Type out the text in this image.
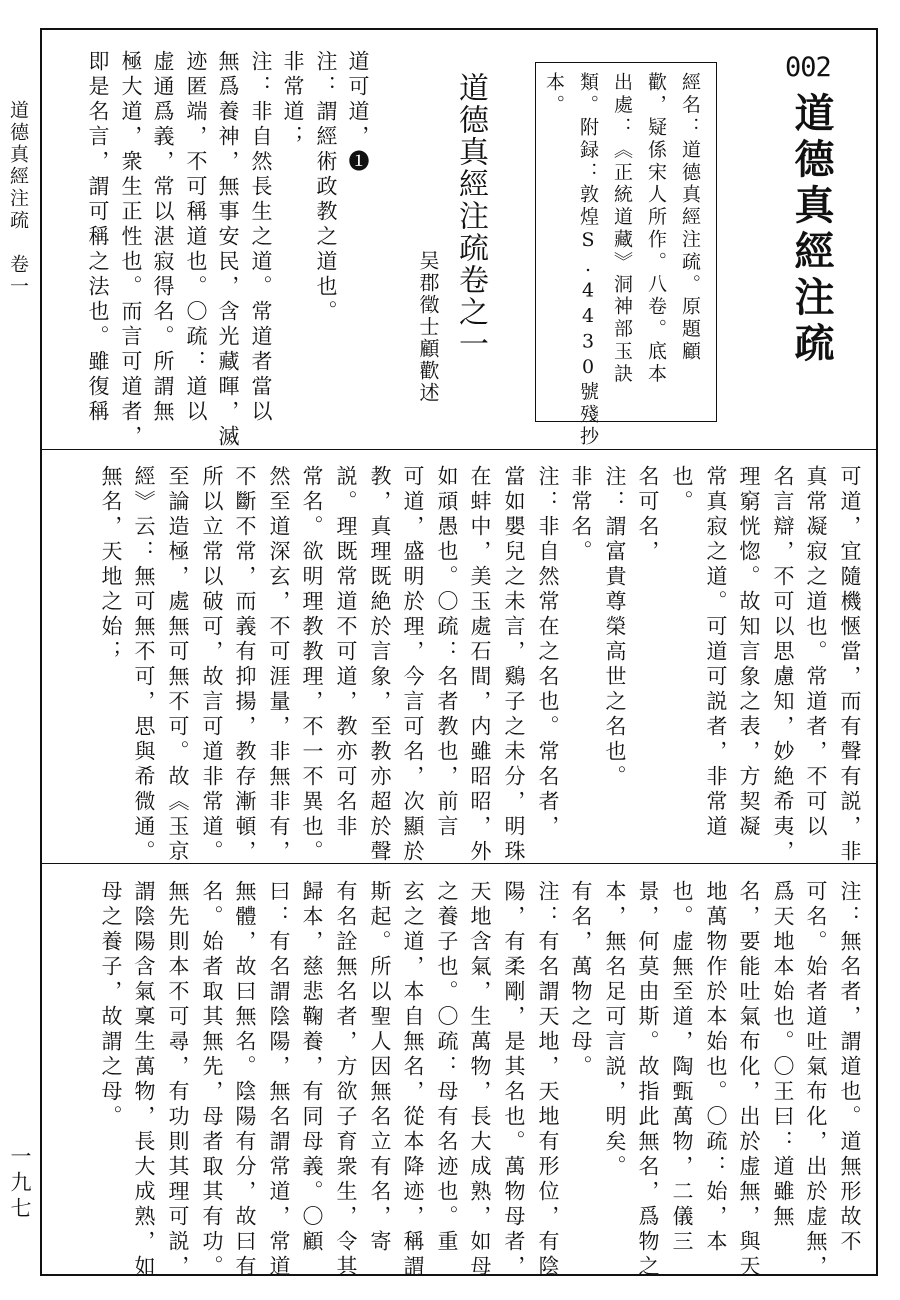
道德真經注疏　卷一
一九七
002
道德真經注疏
經名：道德真經注疏。原題顧
歡，疑係宋人所作。八卷。底本
出處：《正統道藏》洞神部玉訣
類。附録：敦煌S.4430號殘抄
本。
道德真經注疏卷之一
吴郡徵士顧歡述
道可道，❶
注：謂經術政教之道也。
非常道；
注：非自然長生之道。常道者當以
無爲養神，無事安民，含光藏暉，滅
迹匿端，不可稱道也。〇疏：道以
虚通爲義，常以湛寂得名。所謂無
極大道，衆生正性也。而言可道者，
即是名言，謂可稱之法也。雖復稱
可道，宜隨機愜當，而有聲有説，非
真常凝寂之道也。常道者，不可以
名言辯，不可以思慮知，妙絶希夷，
理窮恍惚。故知言象之表，方契凝
常真寂之道。可道可説者，非常道
也。
名可名，
注：謂富貴尊榮高世之名也。
非常名。
注：非自然常在之名也。常名者，
當如嬰兒之未言，鷄子之未分，明珠
在蚌中，美玉處石間，内雖昭昭，外
如頑愚也。〇疏：名者教也，前言
可道，盛明於理，今言可名，次顯於
教，真理既絶於言象，至教亦超於聲
説。理既常道不可道，教亦可名非
常名。欲明理教教理，不一不異也。
然至道深玄，不可涯量，非無非有，
不斷不常，而義有抑揚，教存漸頓，
所以立常以破可，故言可道非常道。
至論造極，處無可無不可。故《玉京
經》云：無可無不可，思與希微通。
無名，天地之始；
注：無名者，謂道也。道無形故不
可名。始者道吐氣布化，出於虚無，
爲天地本始也。〇王曰：道雖無
名，要能吐氣布化，出於虚無，與天
地萬物作於本始也。〇疏：始，本
也。虚無至道，陶甄萬物，二儀三
景，何莫由斯。故指此無名，爲物之
本，無名足可言説，明矣。
有名，萬物之母。
注：有名謂天地，天地有形位，有陰
陽，有柔剛，是其名也。萬物母者，
天地含氣，生萬物，長大成熟，如母
之養子也。〇疏：母有名迹也。重
玄之道，本自無名，從本降迹，稱謂
斯起。所以聖人因無名立有名，寄
有名詮無名者，方欲子育衆生，令其
歸本，慈悲鞠養，有同母義。〇顧
曰：有名謂陰陽，無名謂常道，常道
無體，故曰無名。陰陽有分，故曰有
名。始者取其無先，母者取其有功。
無先則本不可尋，有功則其理可説，
謂陰陽含氣稟生萬物，長大成熟，如
母之養子，故謂之母。
